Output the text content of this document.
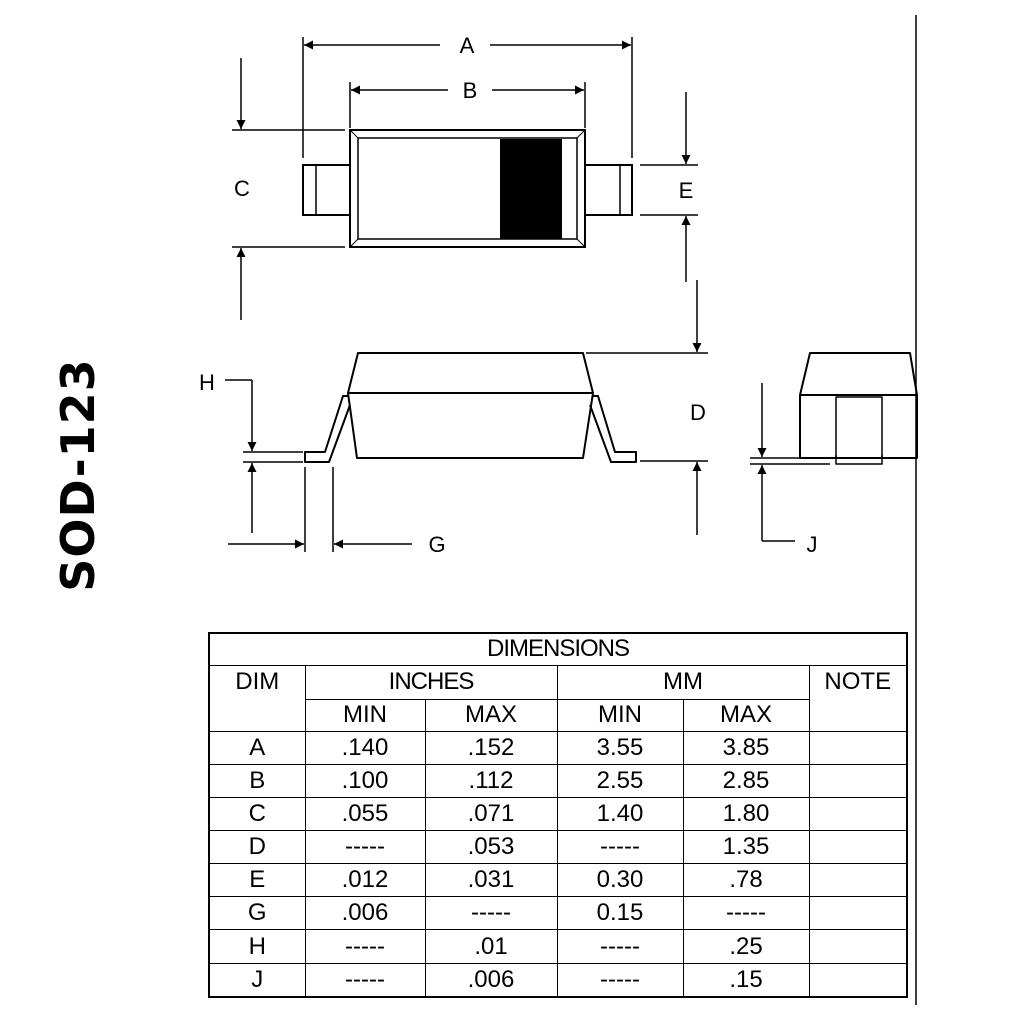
A
B
C	E
D
H
G	J
SOD-123
DIMENSIONS					
DIM	INCHES		MM		NOTE
	MIN	MAX	MIN	MAX	
A	.140	.152	3.55	3.85	
B	.100	.112	2.55	2.85	
C	.055	.071	1.40	1.80	
D	-----	.053	-----	1.35	
E	.012	.031	0.30	.78	
G	.006	-----	0.15	-----	
H	-----	.01	-----	.25	
J	-----	.006	-----	.15	
